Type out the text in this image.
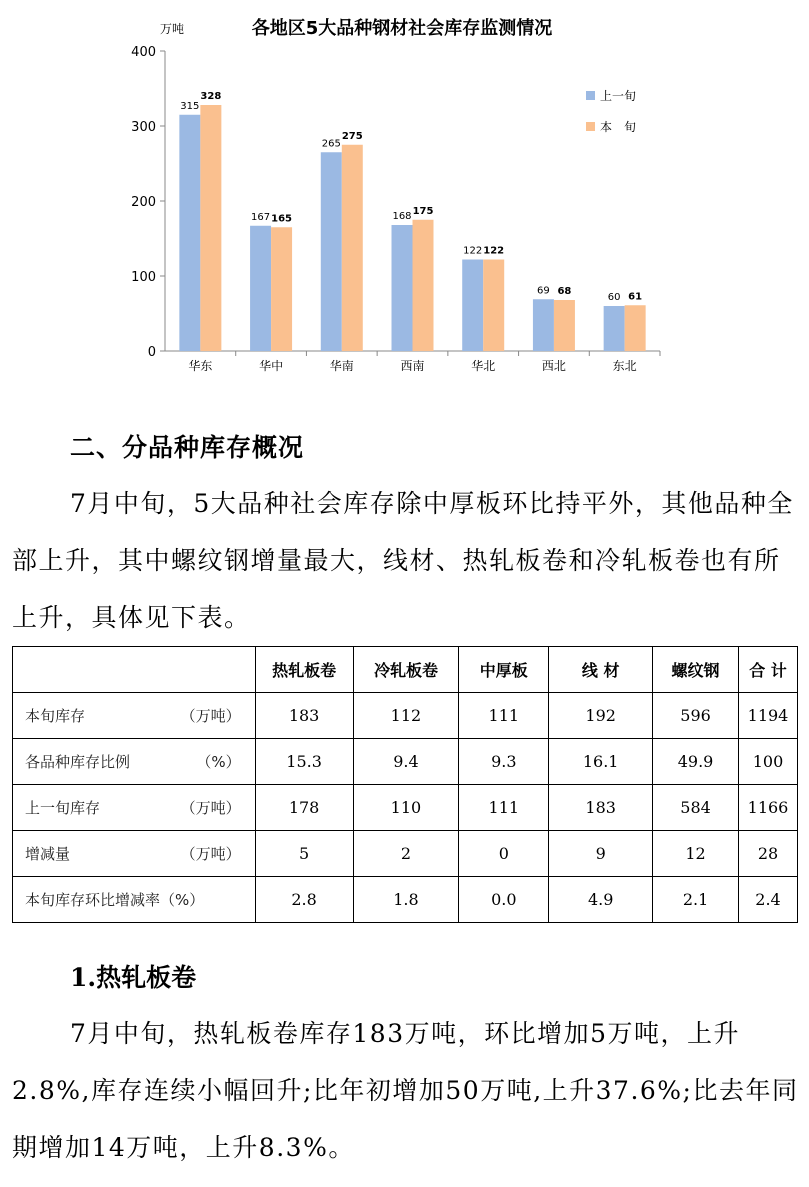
万吨	各地区5大品种钢材社会库存监测情况
0
100
200
300
400
华东	华中	华南	西南	华北	西北	东北
315
328
167 165
265
275
168 175
122 122
69 68
60 61
上一旬
本　旬
二、分品种库存概况
7月中旬，5大品种社会库存除中厚板环比持平外，其他品种全部上升，其中螺纹钢增量最大，线材、热轧板卷和冷轧板卷也有所上升，具体见下表。
	热轧板卷	冷轧板卷	中厚板	线 材	螺纹钢	合 计
本旬库存 （万吨）	183	112	111	192	596	1194
各品种库存比例 （%）	15.3	9.4	9.3	16.1	49.9	100
上一旬库存 （万吨）	178	110	111	183	584	1166
增减量 （万吨）	5	2	0	9	12	28
本旬库存环比增减率（%）	2.8	1.8	0.0	4.9	2.1	2.4
1.热轧板卷
7月中旬，热轧板卷库存183万吨，环比增加5万吨，上升2.8%,库存连续小幅回升;比年初增加50万吨,上升37.6%;比去年同期增加14万吨，上升8.3%。
